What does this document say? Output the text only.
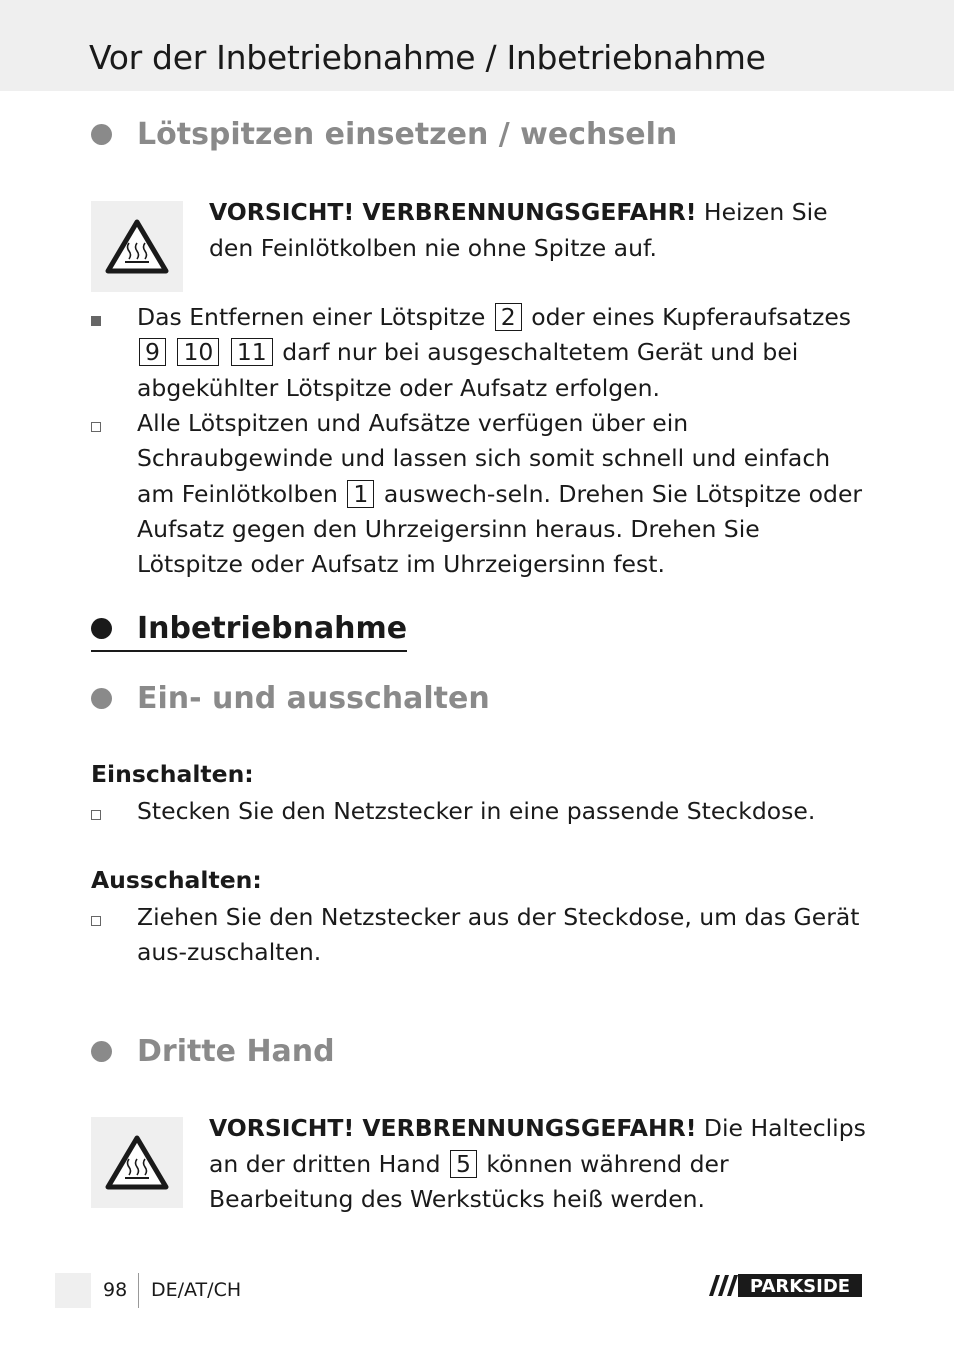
Vor der Inbetriebnahme / Inbetriebnahme
Lötspitzen einsetzen / wechseln

VORSICHT! VERBRENNUNGSGEFAHR! Heizen Sie den Feinlötkolben nie ohne Spitze auf.

Das Entfernen einer Lötspitze 2 oder eines Kupferaufsatzes 9 10 11 darf nur bei ausgeschaltetem Gerät und bei abgekühlter Lötspitze oder Aufsatz erfolgen.

Alle Lötspitzen und Aufsätze verfügen über ein Schraubgewinde und lassen sich somit schnell und einfach am Feinlötkolben 1 auswech-seln. Drehen Sie Lötspitze oder Aufsatz gegen den Uhrzeigersinn heraus. Drehen Sie Lötspitze oder Aufsatz im Uhrzeigersinn fest.

Inbetriebnahme
Ein- und ausschalten

Einschalten:

Stecken Sie den Netzstecker in eine passende Steckdose.

Ausschalten:

Ziehen Sie den Netzstecker aus der Steckdose, um das Gerät aus-zuschalten.

Dritte Hand

VORSICHT! VERBRENNUNGSGEFAHR! Die Halteclips an der dritten Hand 5 können während der Bearbeitung des Werkstücks heiß werden.

98 DE/AT/CH	PARKSIDE
